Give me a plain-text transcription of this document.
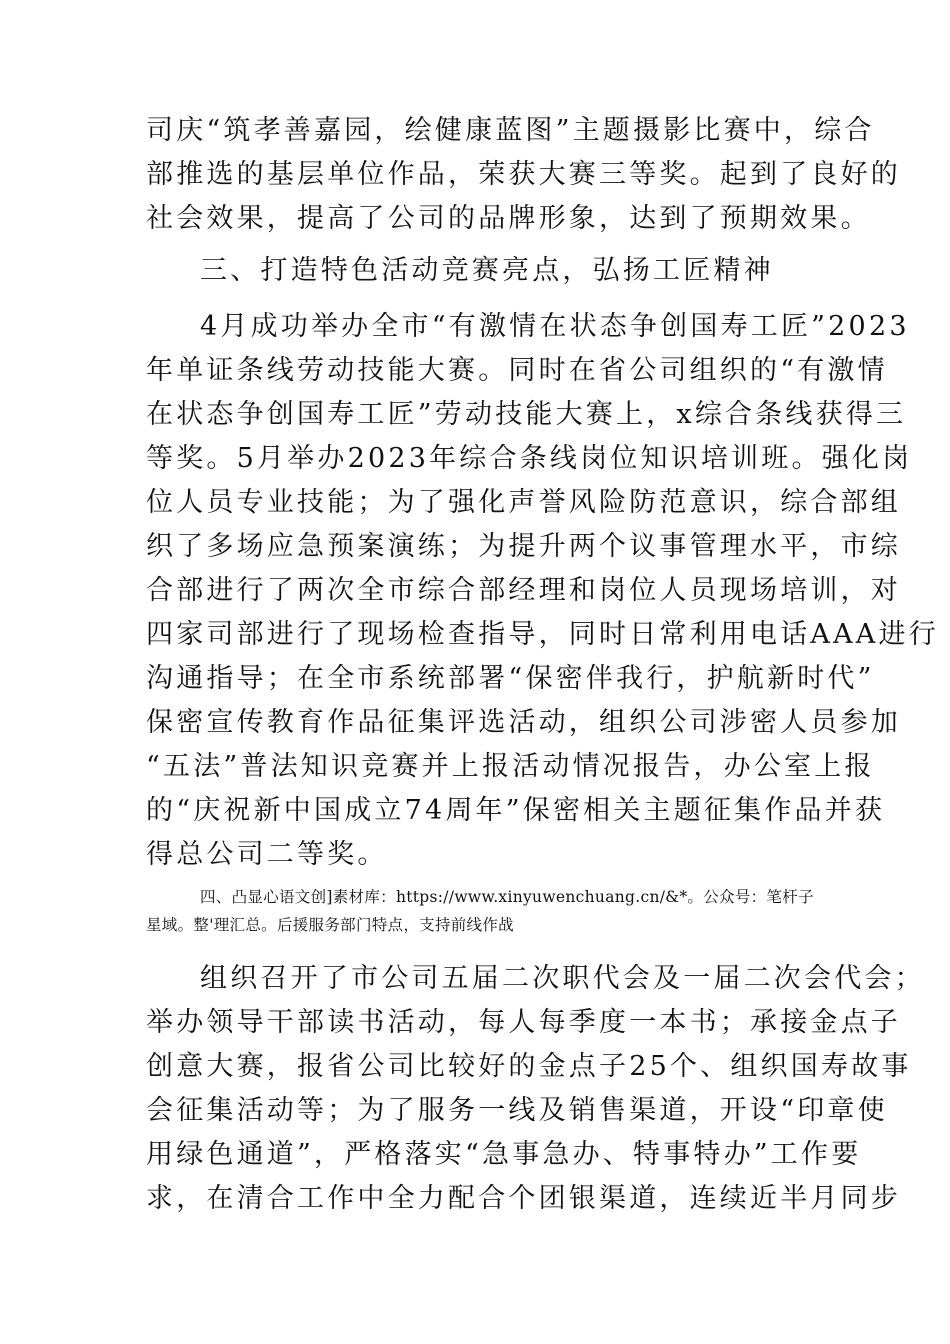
司庆“筑孝善嘉园，绘健康蓝图”主题摄影比赛中，综合
部推选的基层单位作品，荣获大赛三等奖。起到了良好的
社会效果，提高了公司的品牌形象，达到了预期效果。
三、打造特色活动竞赛亮点，弘扬工匠精神
4月成功举办全市“有激情在状态争创国寿工匠”2023
年单证条线劳动技能大赛。同时在省公司组织的“有激情
在状态争创国寿工匠”劳动技能大赛上，x综合条线获得三
等奖。5月举办2023年综合条线岗位知识培训班。强化岗
位人员专业技能；为了强化声誉风险防范意识，综合部组
织了多场应急预案演练；为提升两个议事管理水平，市综
合部进行了两次全市综合部经理和岗位人员现场培训，对
四家司部进行了现场检查指导，同时日常利用电话AAA进行
沟通指导；在全市系统部署“保密伴我行，护航新时代”
保密宣传教育作品征集评选活动，组织公司涉密人员参加
“五法”普法知识竞赛并上报活动情况报告，办公室上报
的“庆祝新中国成立74周年”保密相关主题征集作品并获
得总公司二等奖。
四、凸显心语文创]素材库：https://www.xinyuwenchuang.cn/&*。公众号：笔杆子
星域。整'理汇总。后援服务部门特点，支持前线作战
组织召开了市公司五届二次职代会及一届二次会代会；
举办领导干部读书活动，每人每季度一本书；承接金点子
创意大赛，报省公司比较好的金点子25个、组织国寿故事
会征集活动等；为了服务一线及销售渠道，开设“印章使
用绿色通道”，严格落实“急事急办、特事特办”工作要
求，在清合工作中全力配合个团银渠道，连续近半月同步
